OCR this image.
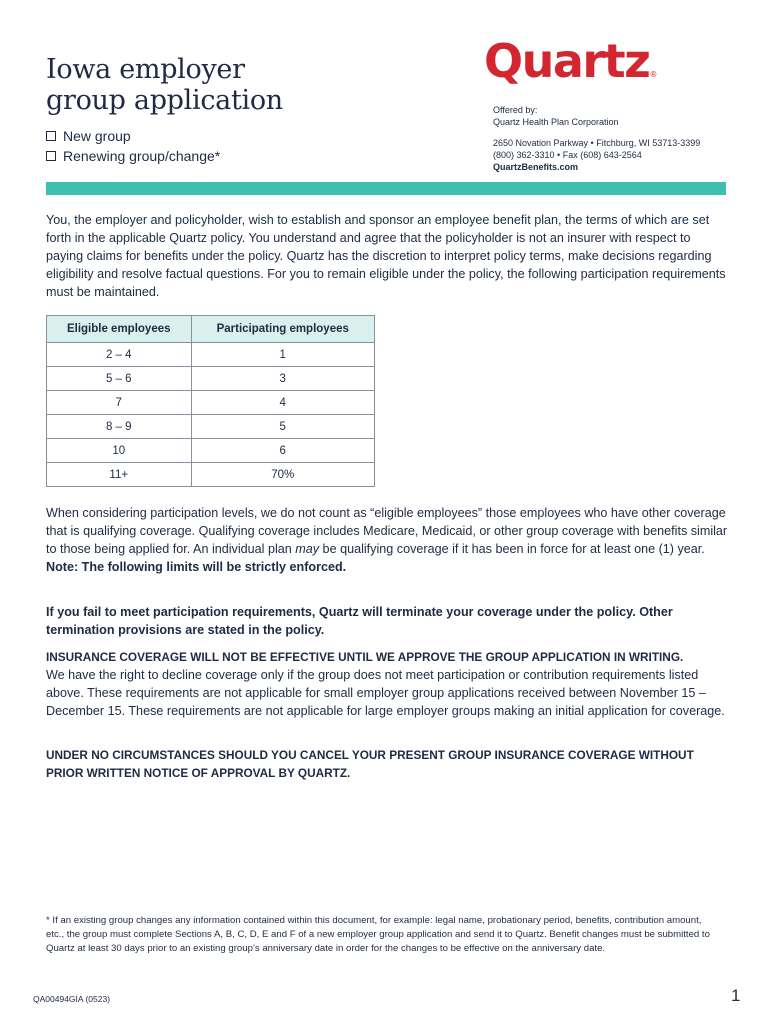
Iowa employer
group application
New group
Renewing group/change*
Quartz®
Offered by:
Quartz Health Plan Corporation
2650 Novation Parkway • Fitchburg, WI 53713-3399
(800) 362-3310 • Fax (608) 643-2564
QuartzBenefits.com
You, the employer and policyholder, wish to establish and sponsor an employee benefit plan, the terms of which are set forth in the applicable Quartz policy. You understand and agree that the policyholder is not an insurer with respect to paying claims for benefits under the policy. Quartz has the discretion to interpret policy terms, make decisions regarding eligibility and resolve factual questions. For you to remain eligible under the policy, the following participation requirements must be maintained.
Eligible employees	Participating employees
2 – 4	1
5 – 6	3
7	4
8 – 9	5
10	6
11+	70%
When considering participation levels, we do not count as “eligible employees” those employees who have other coverage that is qualifying coverage. Qualifying coverage includes Medicare, Medicaid, or other group coverage with benefits similar to those being applied for. An individual plan may be qualifying coverage if it has been in force for at least one (1) year.
Note: The following limits will be strictly enforced.
If you fail to meet participation requirements, Quartz will terminate your coverage under the policy. Other termination provisions are stated in the policy.
INSURANCE COVERAGE WILL NOT BE EFFECTIVE UNTIL WE APPROVE THE GROUP APPLICATION IN WRITING.
We have the right to decline coverage only if the group does not meet participation or contribution requirements listed above. These requirements are not applicable for small employer group applications received between November 15 – December 15. These requirements are not applicable for large employer groups making an initial application for coverage.
UNDER NO CIRCUMSTANCES SHOULD YOU CANCEL YOUR PRESENT GROUP INSURANCE COVERAGE WITHOUT PRIOR WRITTEN NOTICE OF APPROVAL BY QUARTZ.
* If an existing group changes any information contained within this document, for example: legal name, probationary period, benefits, contribution amount, etc., the group must complete Sections A, B, C, D, E and F of a new employer group application and send it to Quartz. Benefit changes must be submitted to Quartz at least 30 days prior to an existing group’s anniversary date in order for the changes to be effective on the anniversary date.
QA00494GIA (0523)	1
